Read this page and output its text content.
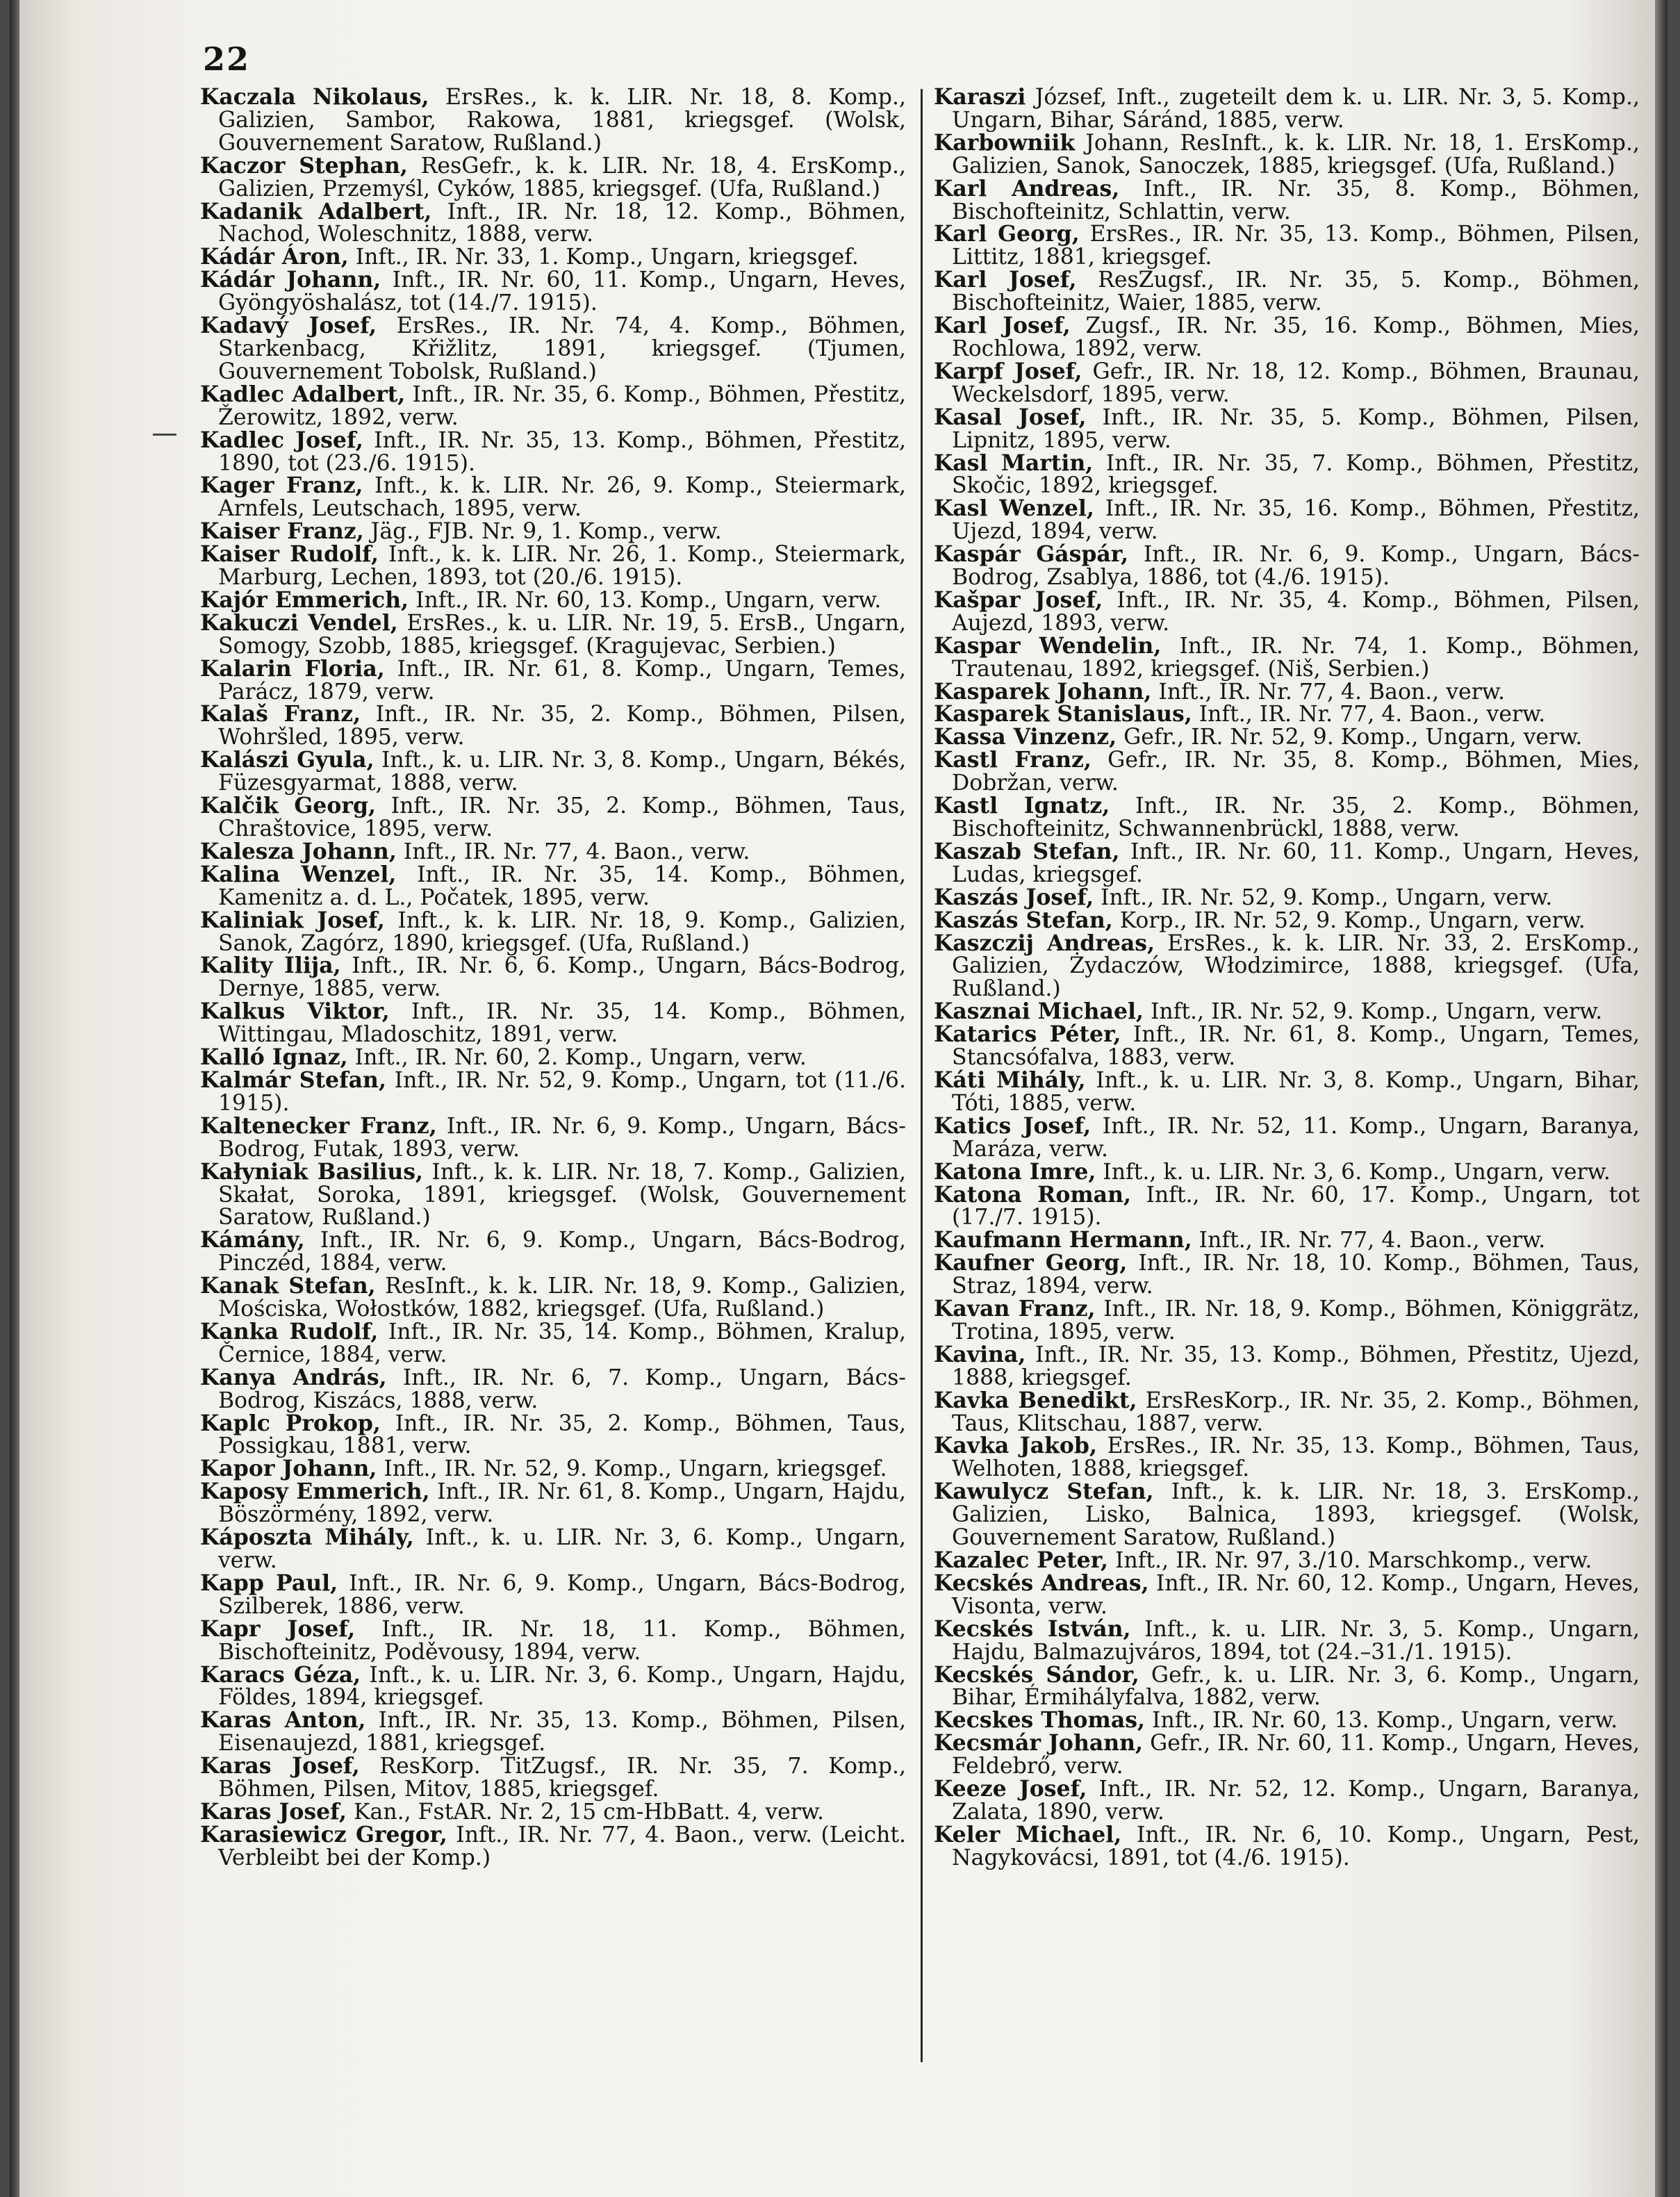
22
Kaczala Nikolaus, ErsRes., k. k. LIR. Nr. 18, 8. Komp., Galizien, Sambor, Rakowa, 1881, kriegsgef. (Wolsk, Gouvernement Saratow, Rußland.)
Kaczor Stephan, ResGefr., k. k. LIR. Nr. 18, 4. ErsKomp., Galizien, Przemyśl, Cyków, 1885, kriegsgef. (Ufa, Rußland.)
Kadanik Adalbert, Inft., IR. Nr. 18, 12. Komp., Böhmen, Nachod, Woleschnitz, 1888, verw.
Kádár Áron, Inft., IR. Nr. 33, 1. Komp., Ungarn, kriegsgef.
Kádár Johann, Inft., IR. Nr. 60, 11. Komp., Ungarn, Heves, Gyöngyöshalász, tot (14./7. 1915).
Kadavý Josef, ErsRes., IR. Nr. 74, 4. Komp., Böhmen, Starkenbacg, Křižlitz, 1891, kriegsgef. (Tjumen, Gouvernement Tobolsk, Rußland.)
Kadlec Adalbert, Inft., IR. Nr. 35, 6. Komp., Böhmen, Přestitz, Žerowitz, 1892, verw.
Kadlec Josef, Inft., IR. Nr. 35, 13. Komp., Böhmen, Přestitz, 1890, tot (23./6. 1915).
Kager Franz, Inft., k. k. LIR. Nr. 26, 9. Komp., Steiermark, Arnfels, Leutschach, 1895, verw.
Kaiser Franz, Jäg., FJB. Nr. 9, 1. Komp., verw.
Kaiser Rudolf, Inft., k. k. LIR. Nr. 26, 1. Komp., Steiermark, Marburg, Lechen, 1893, tot (20./6. 1915).
Kajór Emmerich, Inft., IR. Nr. 60, 13. Komp., Ungarn, verw.
Kakuczi Vendel, ErsRes., k. u. LIR. Nr. 19, 5. ErsB., Ungarn, Somogy, Szobb, 1885, kriegsgef. (Kragujevac, Serbien.)
Kalarin Floria, Inft., IR. Nr. 61, 8. Komp., Ungarn, Temes, Parácz, 1879, verw.
Kalaš Franz, Inft., IR. Nr. 35, 2. Komp., Böhmen, Pilsen, Wohršled, 1895, verw.
Kalászi Gyula, Inft., k. u. LIR. Nr. 3, 8. Komp., Ungarn, Békés, Füzesgyarmat, 1888, verw.
Kalčik Georg, Inft., IR. Nr. 35, 2. Komp., Böhmen, Taus, Chraštovice, 1895, verw.
Kalesza Johann, Inft., IR. Nr. 77, 4. Baon., verw.
Kalina Wenzel, Inft., IR. Nr. 35, 14. Komp., Böhmen, Kamenitz a. d. L., Počatek, 1895, verw.
Kaliniak Josef, Inft., k. k. LIR. Nr. 18, 9. Komp., Galizien, Sanok, Zagórz, 1890, kriegsgef. (Ufa, Rußland.)
Kality Ilija, Inft., IR. Nr. 6, 6. Komp., Ungarn, Bács-Bodrog, Dernye, 1885, verw.
Kalkus Viktor, Inft., IR. Nr. 35, 14. Komp., Böhmen, Wittingau, Mladoschitz, 1891, verw.
Kalló Ignaz, Inft., IR. Nr. 60, 2. Komp., Ungarn, verw.
Kalmár Stefan, Inft., IR. Nr. 52, 9. Komp., Ungarn, tot (11./6. 1915).
Kaltenecker Franz, Inft., IR. Nr. 6, 9. Komp., Ungarn, Bács-Bodrog, Futak, 1893, verw.
Kałyniak Basilius, Inft., k. k. LIR. Nr. 18, 7. Komp., Galizien, Skałat, Soroka, 1891, kriegsgef. (Wolsk, Gouvernement Saratow, Rußland.)
Kámány, Inft., IR. Nr. 6, 9. Komp., Ungarn, Bács-Bodrog, Pinczéd, 1884, verw.
Kanak Stefan, ResInft., k. k. LIR. Nr. 18, 9. Komp., Galizien, Mościska, Wołostków, 1882, kriegsgef. (Ufa, Rußland.)
Kanka Rudolf, Inft., IR. Nr. 35, 14. Komp., Böhmen, Kralup, Černice, 1884, verw.
Kanya András, Inft., IR. Nr. 6, 7. Komp., Ungarn, Bács-Bodrog, Kiszács, 1888, verw.
Kaplc Prokop, Inft., IR. Nr. 35, 2. Komp., Böhmen, Taus, Possigkau, 1881, verw.
Kapor Johann, Inft., IR. Nr. 52, 9. Komp., Ungarn, kriegsgef.
Kaposy Emmerich, Inft., IR. Nr. 61, 8. Komp., Ungarn, Hajdu, Böszörmény, 1892, verw.
Káposzta Mihály, Inft., k. u. LIR. Nr. 3, 6. Komp., Ungarn, verw.
Kapp Paul, Inft., IR. Nr. 6, 9. Komp., Ungarn, Bács-Bodrog, Szilberek, 1886, verw.
Kapr Josef, Inft., IR. Nr. 18, 11. Komp., Böhmen, Bischofteinitz, Poděvousy, 1894, verw.
Karacs Géza, Inft., k. u. LIR. Nr. 3, 6. Komp., Ungarn, Hajdu, Földes, 1894, kriegsgef.
Karas Anton, Inft., IR. Nr. 35, 13. Komp., Böhmen, Pilsen, Eisenaujezd, 1881, kriegsgef.
Karas Josef, ResKorp. TitZugsf., IR. Nr. 35, 7. Komp., Böhmen, Pilsen, Mitov, 1885, kriegsgef.
Karas Josef, Kan., FstAR. Nr. 2, 15 cm-HbBatt. 4, verw.
Karasiewicz Gregor, Inft., IR. Nr. 77, 4. Baon., verw. (Leicht. Verbleibt bei der Komp.)
Karaszi József, Inft., zugeteilt dem k. u. LIR. Nr. 3, 5. Komp., Ungarn, Bihar, Sáránd, 1885, verw.
Karbowniik Johann, ResInft., k. k. LIR. Nr. 18, 1. ErsKomp., Galizien, Sanok, Sanoczek, 1885, kriegsgef. (Ufa, Rußland.)
Karl Andreas, Inft., IR. Nr. 35, 8. Komp., Böhmen, Bischofteinitz, Schlattin, verw.
Karl Georg, ErsRes., IR. Nr. 35, 13. Komp., Böhmen, Pilsen, Littitz, 1881, kriegsgef.
Karl Josef, ResZugsf., IR. Nr. 35, 5. Komp., Böhmen, Bischofteinitz, Waier, 1885, verw.
Karl Josef, Zugsf., IR. Nr. 35, 16. Komp., Böhmen, Mies, Rochlowa, 1892, verw.
Karpf Josef, Gefr., IR. Nr. 18, 12. Komp., Böhmen, Braunau, Weckelsdorf, 1895, verw.
Kasal Josef, Inft., IR. Nr. 35, 5. Komp., Böhmen, Pilsen, Lipnitz, 1895, verw.
Kasl Martin, Inft., IR. Nr. 35, 7. Komp., Böhmen, Přestitz, Skočic, 1892, kriegsgef.
Kasl Wenzel, Inft., IR. Nr. 35, 16. Komp., Böhmen, Přestitz, Ujezd, 1894, verw.
Kaspár Gáspár, Inft., IR. Nr. 6, 9. Komp., Ungarn, Bács-Bodrog, Zsablya, 1886, tot (4./6. 1915).
Kašpar Josef, Inft., IR. Nr. 35, 4. Komp., Böhmen, Pilsen, Aujezd, 1893, verw.
Kaspar Wendelin, Inft., IR. Nr. 74, 1. Komp., Böhmen, Trautenau, 1892, kriegsgef. (Niš, Serbien.)
Kasparek Johann, Inft., IR. Nr. 77, 4. Baon., verw.
Kasparek Stanislaus, Inft., IR. Nr. 77, 4. Baon., verw.
Kassa Vinzenz, Gefr., IR. Nr. 52, 9. Komp., Ungarn, verw.
Kastl Franz, Gefr., IR. Nr. 35, 8. Komp., Böhmen, Mies, Dobržan, verw.
Kastl Ignatz, Inft., IR. Nr. 35, 2. Komp., Böhmen, Bischofteinitz, Schwannenbrückl, 1888, verw.
Kaszab Stefan, Inft., IR. Nr. 60, 11. Komp., Ungarn, Heves, Ludas, kriegsgef.
Kaszás Josef, Inft., IR. Nr. 52, 9. Komp., Ungarn, verw.
Kaszás Stefan, Korp., IR. Nr. 52, 9. Komp., Ungarn, verw.
Kaszczij Andreas, ErsRes., k. k. LIR. Nr. 33, 2. ErsKomp., Galizien, Żydaczów, Włodzimirce, 1888, kriegsgef. (Ufa, Rußland.)
Kasznai Michael, Inft., IR. Nr. 52, 9. Komp., Ungarn, verw.
Katarics Péter, Inft., IR. Nr. 61, 8. Komp., Ungarn, Temes, Stancsófalva, 1883, verw.
Káti Mihály, Inft., k. u. LIR. Nr. 3, 8. Komp., Ungarn, Bihar, Tóti, 1885, verw.
Katics Josef, Inft., IR. Nr. 52, 11. Komp., Ungarn, Baranya, Maráza, verw.
Katona Imre, Inft., k. u. LIR. Nr. 3, 6. Komp., Ungarn, verw.
Katona Roman, Inft., IR. Nr. 60, 17. Komp., Ungarn, tot (17./7. 1915).
Kaufmann Hermann, Inft., IR. Nr. 77, 4. Baon., verw.
Kaufner Georg, Inft., IR. Nr. 18, 10. Komp., Böhmen, Taus, Straz, 1894, verw.
Kavan Franz, Inft., IR. Nr. 18, 9. Komp., Böhmen, Königgrätz, Trotina, 1895, verw.
Kavina, Inft., IR. Nr. 35, 13. Komp., Böhmen, Přestitz, Ujezd, 1888, kriegsgef.
Kavka Benedikt, ErsResKorp., IR. Nr. 35, 2. Komp., Böhmen, Taus, Klitschau, 1887, verw.
Kavka Jakob, ErsRes., IR. Nr. 35, 13. Komp., Böhmen, Taus, Welhoten, 1888, kriegsgef.
Kawulycz Stefan, Inft., k. k. LIR. Nr. 18, 3. ErsKomp., Galizien, Lisko, Balnica, 1893, kriegsgef. (Wolsk, Gouvernement Saratow, Rußland.)
Kazalec Peter, Inft., IR. Nr. 97, 3./10. Marschkomp., verw.
Kecskés Andreas, Inft., IR. Nr. 60, 12. Komp., Ungarn, Heves, Visonta, verw.
Kecskés István, Inft., k. u. LIR. Nr. 3, 5. Komp., Ungarn, Hajdu, Balmazujváros, 1894, tot (24.–31./1. 1915).
Kecskés Sándor, Gefr., k. u. LIR. Nr. 3, 6. Komp., Ungarn, Bihar, Érmihályfalva, 1882, verw.
Kecskes Thomas, Inft., IR. Nr. 60, 13. Komp., Ungarn, verw.
Kecsmár Johann, Gefr., IR. Nr. 60, 11. Komp., Ungarn, Heves, Feldebrő, verw.
Keeze Josef, Inft., IR. Nr. 52, 12. Komp., Ungarn, Baranya, Zalata, 1890, verw.
Keler Michael, Inft., IR. Nr. 6, 10. Komp., Ungarn, Pest, Nagykovácsi, 1891, tot (4./6. 1915).
